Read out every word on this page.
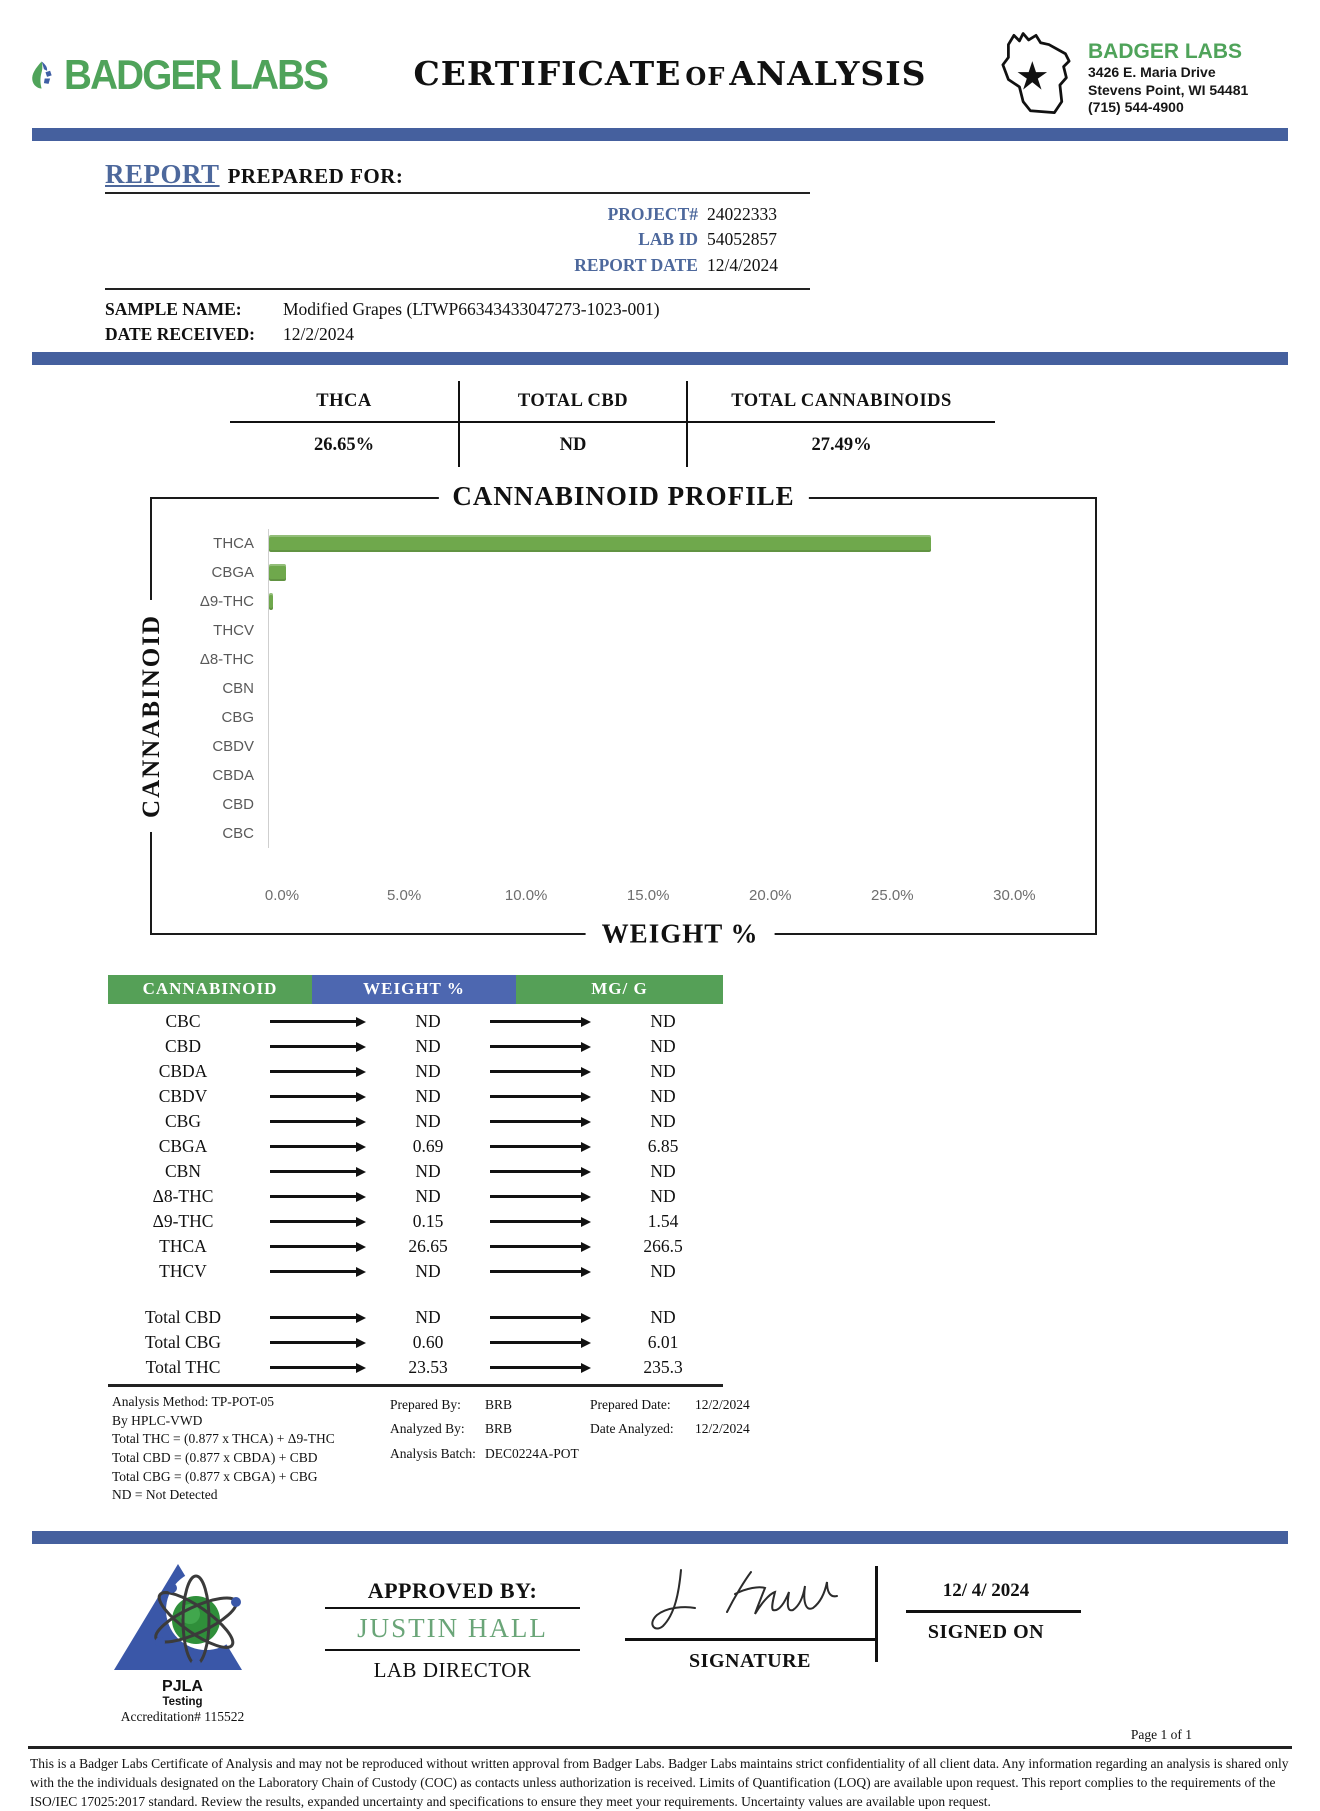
BADGER LABS	CERTIFICATE OF ANALYSIS
BADGER LABS
3426 E. Maria Drive
Stevens Point, WI 54481
(715) 544-4900
REPORT PREPARED FOR:
PROJECT# 24022333
LAB ID 54052857
REPORT DATE 12/4/2024
SAMPLE NAME:	Modified Grapes (LTWP66343433047273-1023-001)
DATE RECEIVED:	12/2/2024
THCA	TOTAL CBD	TOTAL CANNABINOIDS
26.65%	ND	27.49%
CANNABINOID PROFILE
CANNABINOID
WEIGHT %
THCA
CBGA
Δ9-THC
THCV
Δ8-THC
CBN
CBG
CBDV
CBDA
CBD
CBC
0.0%	5.0%	10.0%	15.0%	20.0%	25.0%	30.0%
CANNABINOID	WEIGHT %	MG/ G
CBC	ND	ND
CBD	ND	ND
CBDA	ND	ND
CBDV	ND	ND
CBG	ND	ND
CBGA	0.69	6.85
CBN	ND	ND
Δ8-THC	ND	ND
Δ9-THC	0.15	1.54
THCA	26.65	266.5
THCV	ND	ND
Total CBD	ND	ND
Total CBG	0.60	6.01
Total THC	23.53	235.3
Analysis Method: TP-POT-05
By HPLC-VWD
Total THC = (0.877 x THCA) + Δ9-THC
Total CBD = (0.877 x CBDA) + CBD
Total CBG = (0.877 x CBGA) + CBG
ND = Not Detected
Prepared By:	BRB	Prepared Date:	12/2/2024
Analyzed By:	BRB	Date Analyzed:	12/2/2024
Analysis Batch: DEC0224A-POT
PJLA
Testing
Accreditation# 115522
APPROVED BY:
JUSTIN HALL
LAB DIRECTOR	SIGNATURE
12/ 4/ 2024
SIGNED ON
Page 1 of 1
This is a Badger Labs Certificate of Analysis and may not be reproduced without written approval from Badger Labs. Badger Labs maintains strict confidentiality of all client data. Any information regarding an analysis is shared only with the the individuals designated on the Laboratory Chain of Custody (COC) as contacts unless authorization is received. Limits of Quantification (LOQ) are available upon request. This report complies to the requirements of the ISO/IEC 17025:2017 standard. Review the results, expanded uncertainty and specifications to ensure they meet your requirements. Uncertainty values are available upon request.
